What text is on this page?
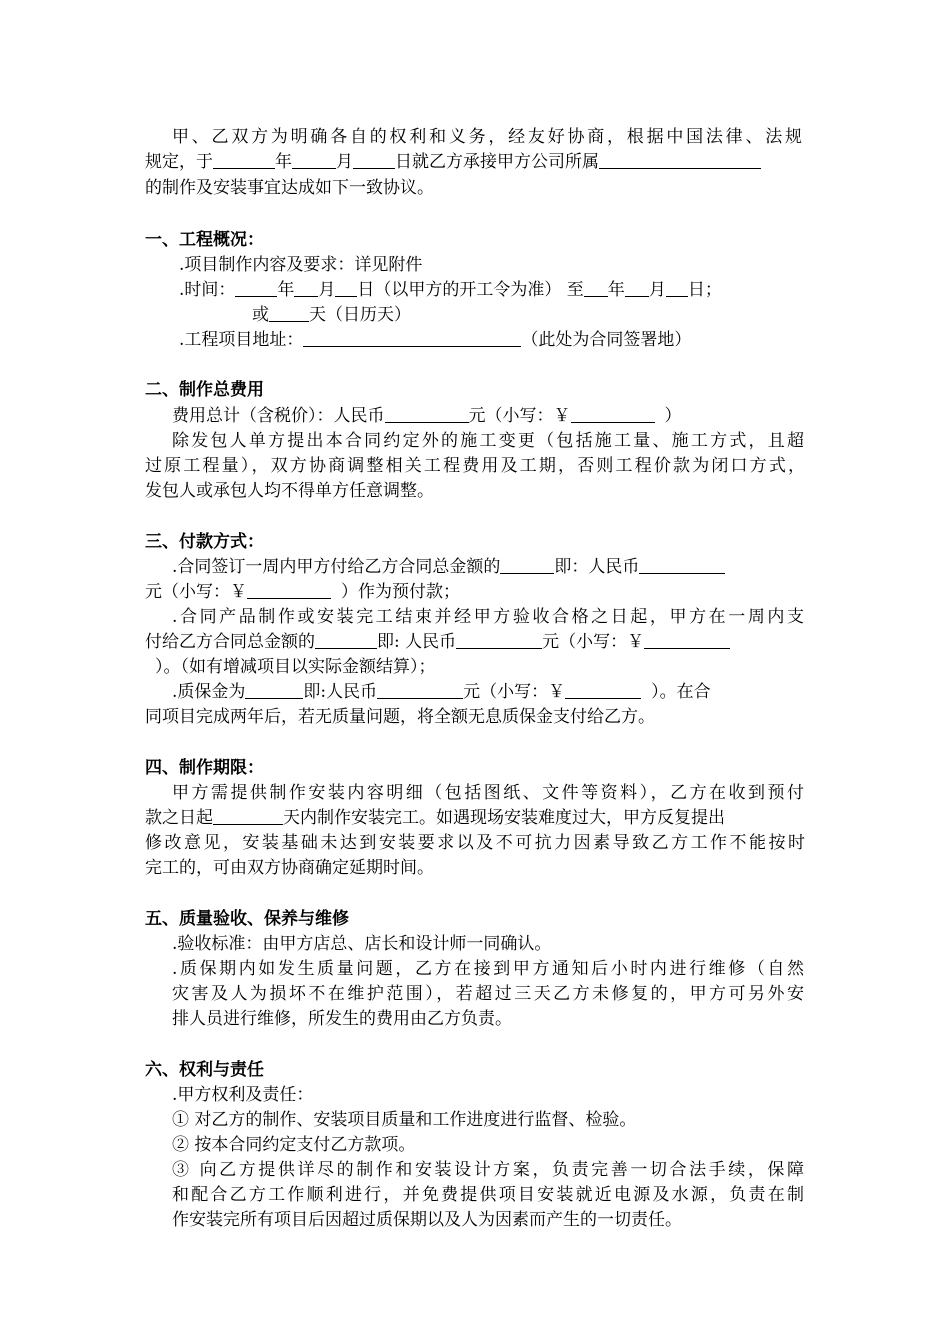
甲、乙双方为明确各自的权利和义务，经友好协商，根据中国法律、法规
规定，于	年	月 日就乙方承接甲方公司所属
的制作及安装事宜达成如下一致协议。
一、工程概况：
.项目制作内容及要求：详见附件
.时间： 年 月 日（以甲方的开工令为准） 至 年 月 日；
或 天（日历天）
.工程项目地址：	（此处为合同签署地）
二、制作总费用
费用总计（含税价）：人民币	元（小写：￥	）
除发包人单方提出本合同约定外的施工变更（包括施工量、施工方式，且超
过原工程量），双方协商调整相关工程费用及工期，否则工程价款为闭口方式，
发包人或承包人均不得单方任意调整。
三、付款方式：
.合同签订一周内甲方付给乙方合同总金额的	即：人民币
元（小写：￥	）作为预付款；
.合同产品制作或安装完工结束并经甲方验收合格之日起，甲方在一周内支
付给乙方合同总金额的	即: 人民币	元（小写：￥
）。（如有增减项目以实际金额结算）；
.质保金为	即:人民币	元（小写：￥	）。在合
同项目完成两年后，若无质量问题，将全额无息质保金支付给乙方。
四、制作期限：
甲方需提供制作安装内容明细（包括图纸、文件等资料），乙方在收到预付
款之日起	天内制作安装完工。如遇现场安装难度过大，甲方反复提出
修改意见，安装基础未达到安装要求以及不可抗力因素导致乙方工作不能按时
完工的，可由双方协商确定延期时间。
五、质量验收、保养与维修
.验收标准：由甲方店总、店长和设计师一同确认。
.质保期内如发生质量问题，乙方在接到甲方通知后小时内进行维修（自然
灾害及人为损坏不在维护范围），若超过三天乙方未修复的，甲方可另外安
排人员进行维修，所发生的费用由乙方负责。
六、权利与责任
.甲方权利及责任：
① 对乙方的制作、安装项目质量和工作进度进行监督、检验。
② 按本合同约定支付乙方款项。
③ 向乙方提供详尽的制作和安装设计方案，负责完善一切合法手续，保障
和配合乙方工作顺利进行，并免费提供项目安装就近电源及水源，负责在制
作安装完所有项目后因超过质保期以及人为因素而产生的一切责任。
